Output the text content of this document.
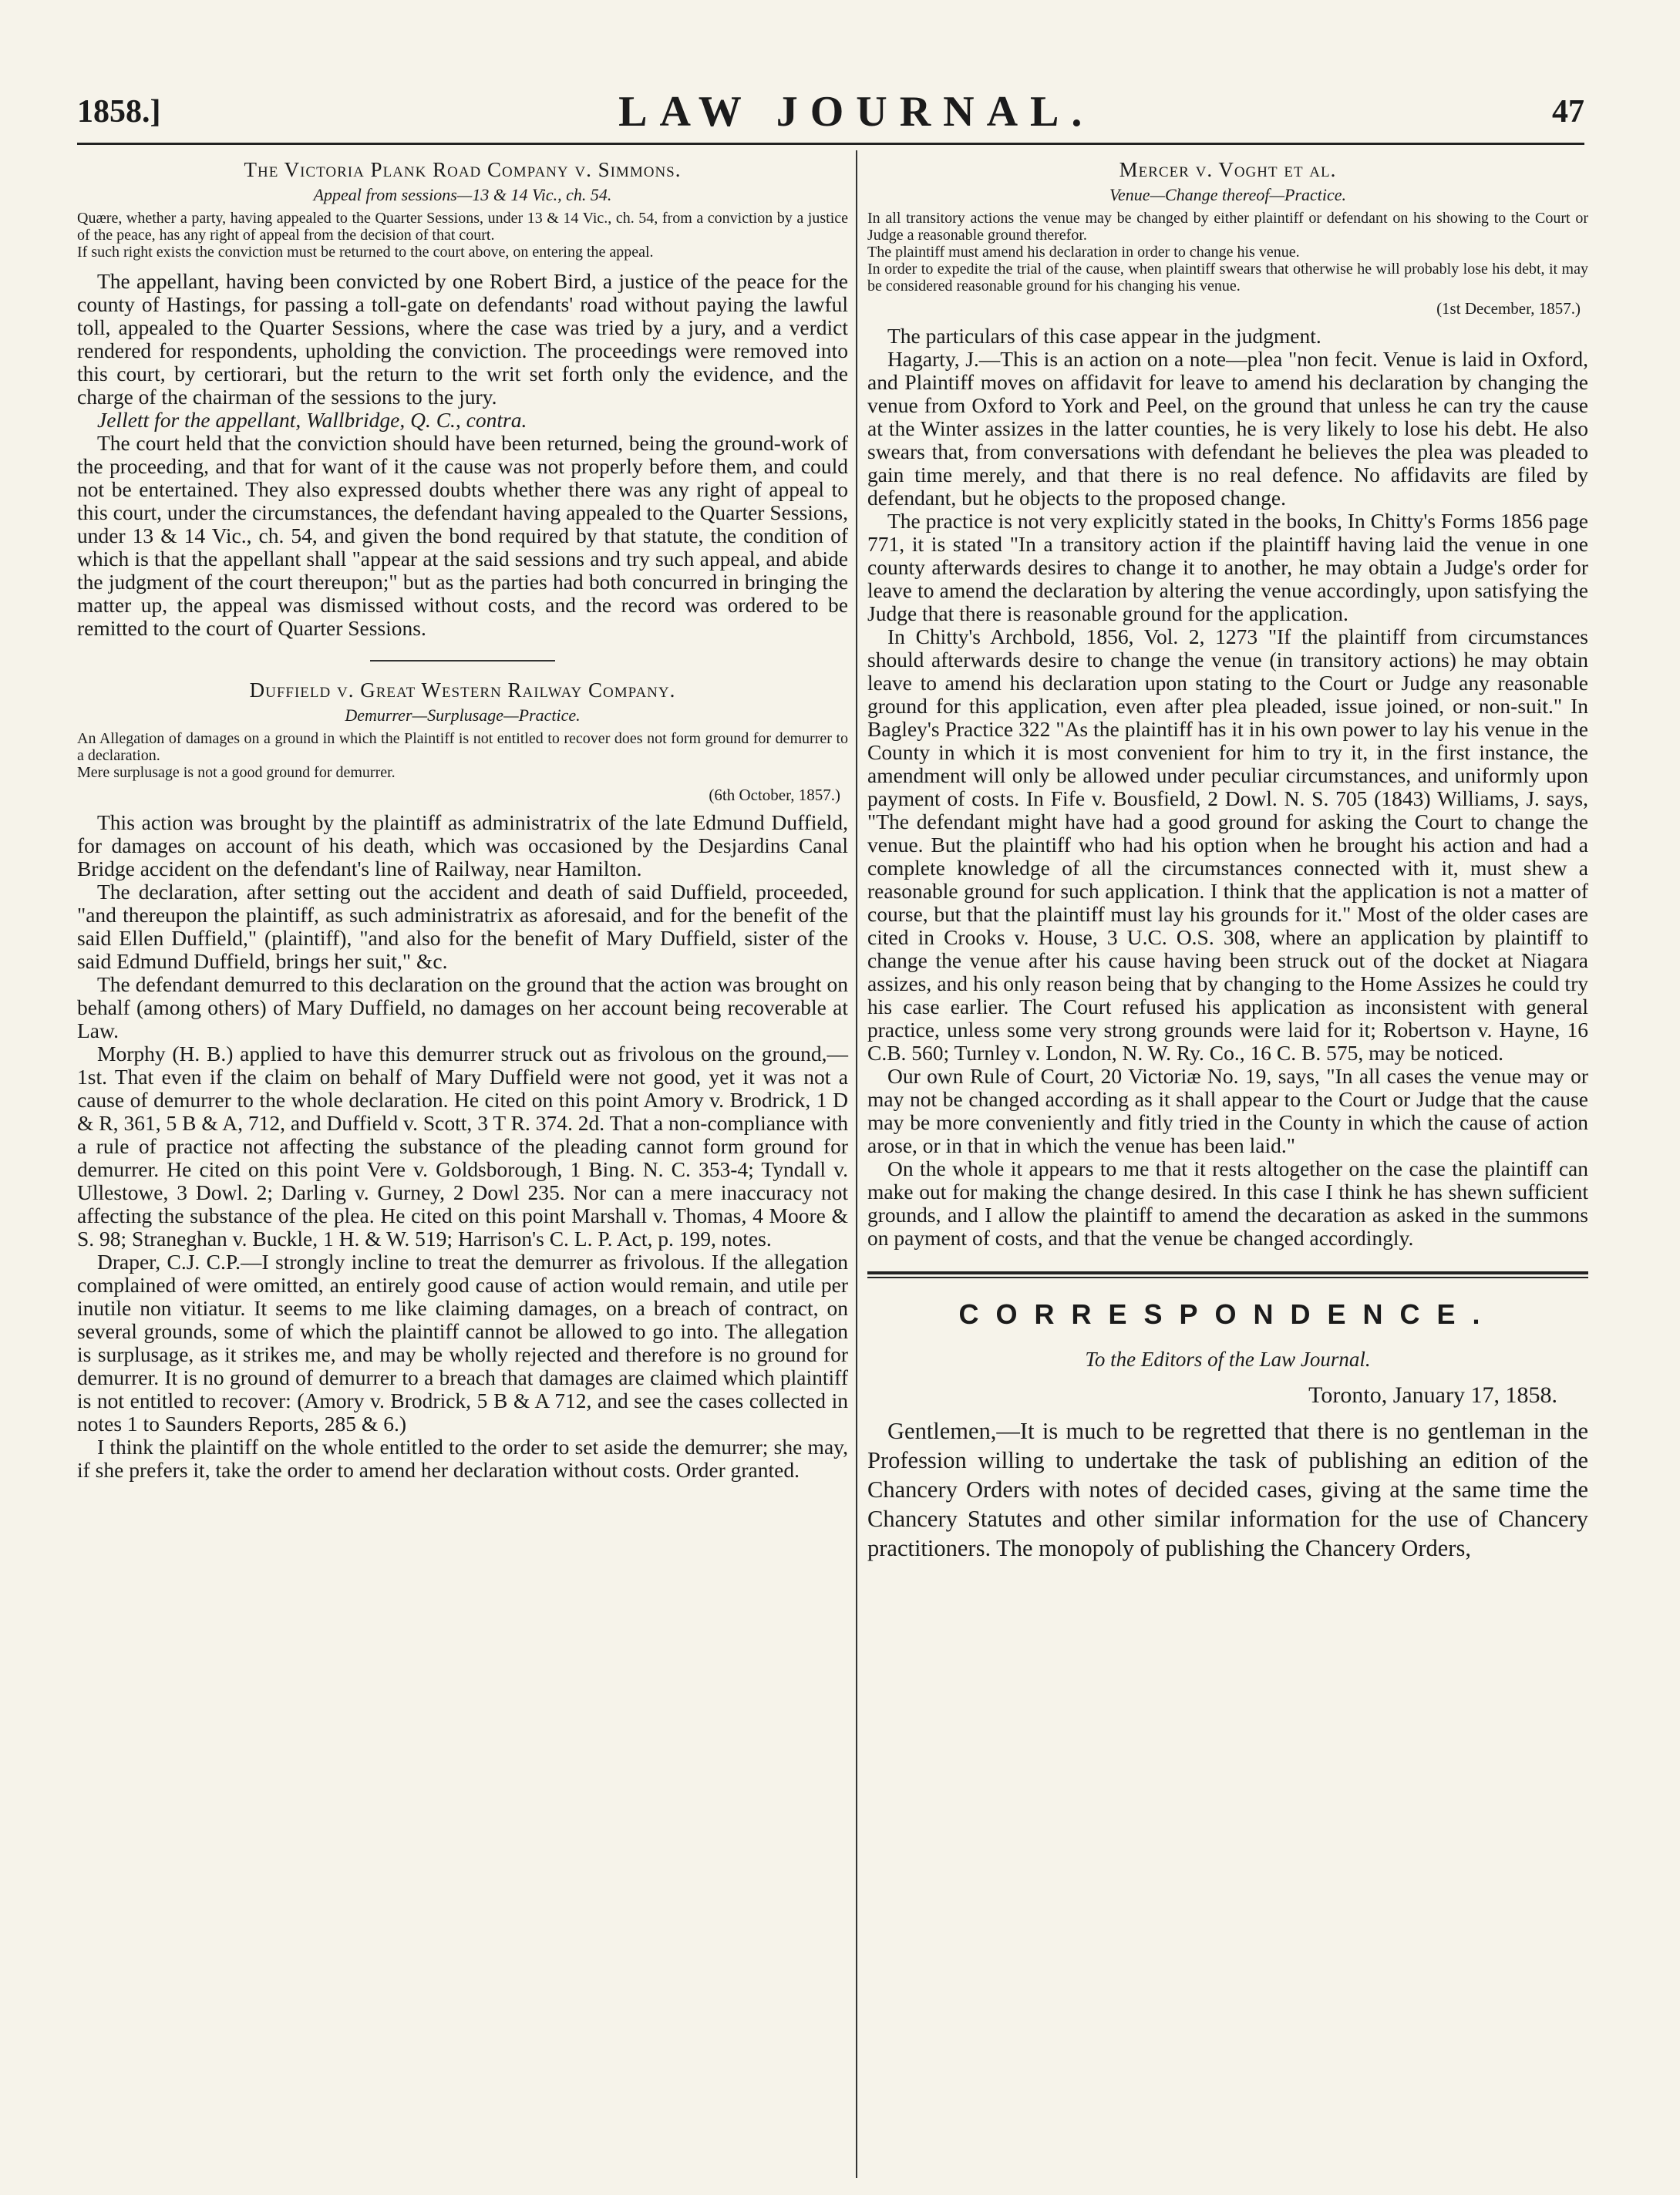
1858.]	LAW JOURNAL.	47
The Victoria Plank Road Company v. Simmons.
Appeal from sessions—13 & 14 Vic., ch. 54.

Quære, whether a party, having appealed to the Quarter Sessions, under 13 & 14 Vic., ch. 54, from a conviction by a justice of the peace, has any right of appeal from the decision of that court.

If such right exists the conviction must be returned to the court above, on entering the appeal.

The appellant, having been convicted by one Robert Bird, a justice of the peace for the county of Hastings, for passing a toll-gate on defendants' road without paying the lawful toll, appealed to the Quarter Sessions, where the case was tried by a jury, and a verdict rendered for respondents, upholding the conviction. The proceedings were removed into this court, by certiorari, but the return to the writ set forth only the evidence, and the charge of the chairman of the sessions to the jury.

Jellett for the appellant, Wallbridge, Q. C., contra.

The court held that the conviction should have been returned, being the ground-work of the proceeding, and that for want of it the cause was not properly before them, and could not be entertained. They also expressed doubts whether there was any right of appeal to this court, under the circumstances, the defendant having appealed to the Quarter Sessions, under 13 & 14 Vic., ch. 54, and given the bond required by that statute, the condition of which is that the appellant shall "appear at the said sessions and try such appeal, and abide the judgment of the court thereupon;" but as the parties had both concurred in bringing the matter up, the appeal was dismissed without costs, and the record was ordered to be remitted to the court of Quarter Sessions.

Duffield v. Great Western Railway Company.
Demurrer—Surplusage—Practice.

An Allegation of damages on a ground in which the Plaintiff is not entitled to recover does not form ground for demurrer to a declaration.

Mere surplusage is not a good ground for demurrer.

(6th October, 1857.)

This action was brought by the plaintiff as administratrix of the late Edmund Duffield, for damages on account of his death, which was occasioned by the Desjardins Canal Bridge accident on the defendant's line of Railway, near Hamilton.

The declaration, after setting out the accident and death of said Duffield, proceeded, "and thereupon the plaintiff, as such administratrix as aforesaid, and for the benefit of the said Ellen Duffield," (plaintiff), "and also for the benefit of Mary Duffield, sister of the said Edmund Duffield, brings her suit," &c.

The defendant demurred to this declaration on the ground that the action was brought on behalf (among others) of Mary Duffield, no damages on her account being recoverable at Law.

Morphy (H. B.) applied to have this demurrer struck out as frivolous on the ground,—1st. That even if the claim on behalf of Mary Duffield were not good, yet it was not a cause of demurrer to the whole declaration. He cited on this point Amory v. Brodrick, 1 D & R, 361, 5 B & A, 712, and Duffield v. Scott, 3 T R. 374. 2d. That a non-compliance with a rule of practice not affecting the substance of the pleading cannot form ground for demurrer. He cited on this point Vere v. Goldsborough, 1 Bing. N. C. 353-4; Tyndall v. Ullestowe, 3 Dowl. 2; Darling v. Gurney, 2 Dowl 235. Nor can a mere inaccuracy not affecting the substance of the plea. He cited on this point Marshall v. Thomas, 4 Moore & S. 98; Straneghan v. Buckle, 1 H. & W. 519; Harrison's C. L. P. Act, p. 199, notes.

Draper, C.J. C.P.—I strongly incline to treat the demurrer as frivolous. If the allegation complained of were omitted, an entirely good cause of action would remain, and utile per inutile non vitiatur. It seems to me like claiming damages, on a breach of contract, on several grounds, some of which the plaintiff cannot be allowed to go into. The allegation is surplusage, as it strikes me, and may be wholly rejected and therefore is no ground for demurrer. It is no ground of demurrer to a breach that damages are claimed which plaintiff is not entitled to recover: (Amory v. Brodrick, 5 B & A 712, and see the cases collected in notes 1 to Saunders Reports, 285 & 6.)

I think the plaintiff on the whole entitled to the order to set aside the demurrer; she may, if she prefers it, take the order to amend her declaration without costs. Order granted.

Mercer v. Voght et al.
Venue—Change thereof—Practice.

In all transitory actions the venue may be changed by either plaintiff or defendant on his showing to the Court or Judge a reasonable ground therefor.

The plaintiff must amend his declaration in order to change his venue.

In order to expedite the trial of the cause, when plaintiff swears that otherwise he will probably lose his debt, it may be considered reasonable ground for his changing his venue.

(1st December, 1857.)

The particulars of this case appear in the judgment.

Hagarty, J.—This is an action on a note—plea "non fecit. Venue is laid in Oxford, and Plaintiff moves on affidavit for leave to amend his declaration by changing the venue from Oxford to York and Peel, on the ground that unless he can try the cause at the Winter assizes in the latter counties, he is very likely to lose his debt. He also swears that, from conversations with defendant he believes the plea was pleaded to gain time merely, and that there is no real defence. No affidavits are filed by defendant, but he objects to the proposed change.

The practice is not very explicitly stated in the books, In Chitty's Forms 1856 page 771, it is stated "In a transitory action if the plaintiff having laid the venue in one county afterwards desires to change it to another, he may obtain a Judge's order for leave to amend the declaration by altering the venue accordingly, upon satisfying the Judge that there is reasonable ground for the application.

In Chitty's Archbold, 1856, Vol. 2, 1273 "If the plaintiff from circumstances should afterwards desire to change the venue (in transitory actions) he may obtain leave to amend his declaration upon stating to the Court or Judge any reasonable ground for this application, even after plea pleaded, issue joined, or non-suit." In Bagley's Practice 322 "As the plaintiff has it in his own power to lay his venue in the County in which it is most convenient for him to try it, in the first instance, the amendment will only be allowed under peculiar circumstances, and uniformly upon payment of costs. In Fife v. Bousfield, 2 Dowl. N. S. 705 (1843) Williams, J. says, "The defendant might have had a good ground for asking the Court to change the venue. But the plaintiff who had his option when he brought his action and had a complete knowledge of all the circumstances connected with it, must shew a reasonable ground for such application. I think that the application is not a matter of course, but that the plaintiff must lay his grounds for it." Most of the older cases are cited in Crooks v. House, 3 U.C. O.S. 308, where an application by plaintiff to change the venue after his cause having been struck out of the docket at Niagara assizes, and his only reason being that by changing to the Home Assizes he could try his case earlier. The Court refused his application as inconsistent with general practice, unless some very strong grounds were laid for it; Robertson v. Hayne, 16 C.B. 560; Turnley v. London, N. W. Ry. Co., 16 C. B. 575, may be noticed.

Our own Rule of Court, 20 Victoriæ No. 19, says, "In all cases the venue may or may not be changed according as it shall appear to the Court or Judge that the cause may be more conveniently and fitly tried in the County in which the cause of action arose, or in that in which the venue has been laid."

On the whole it appears to me that it rests altogether on the case the plaintiff can make out for making the change desired. In this case I think he has shewn sufficient grounds, and I allow the plaintiff to amend the decaration as asked in the summons on payment of costs, and that the venue be changed accordingly.

CORRESPONDENCE.
To the Editors of the Law Journal.
Toronto, January 17, 1858.

Gentlemen,—It is much to be regretted that there is no gentleman in the Profession willing to undertake the task of publishing an edition of the Chancery Orders with notes of decided cases, giving at the same time the Chancery Statutes and other similar information for the use of Chancery practitioners. The monopoly of publishing the Chancery Orders,
